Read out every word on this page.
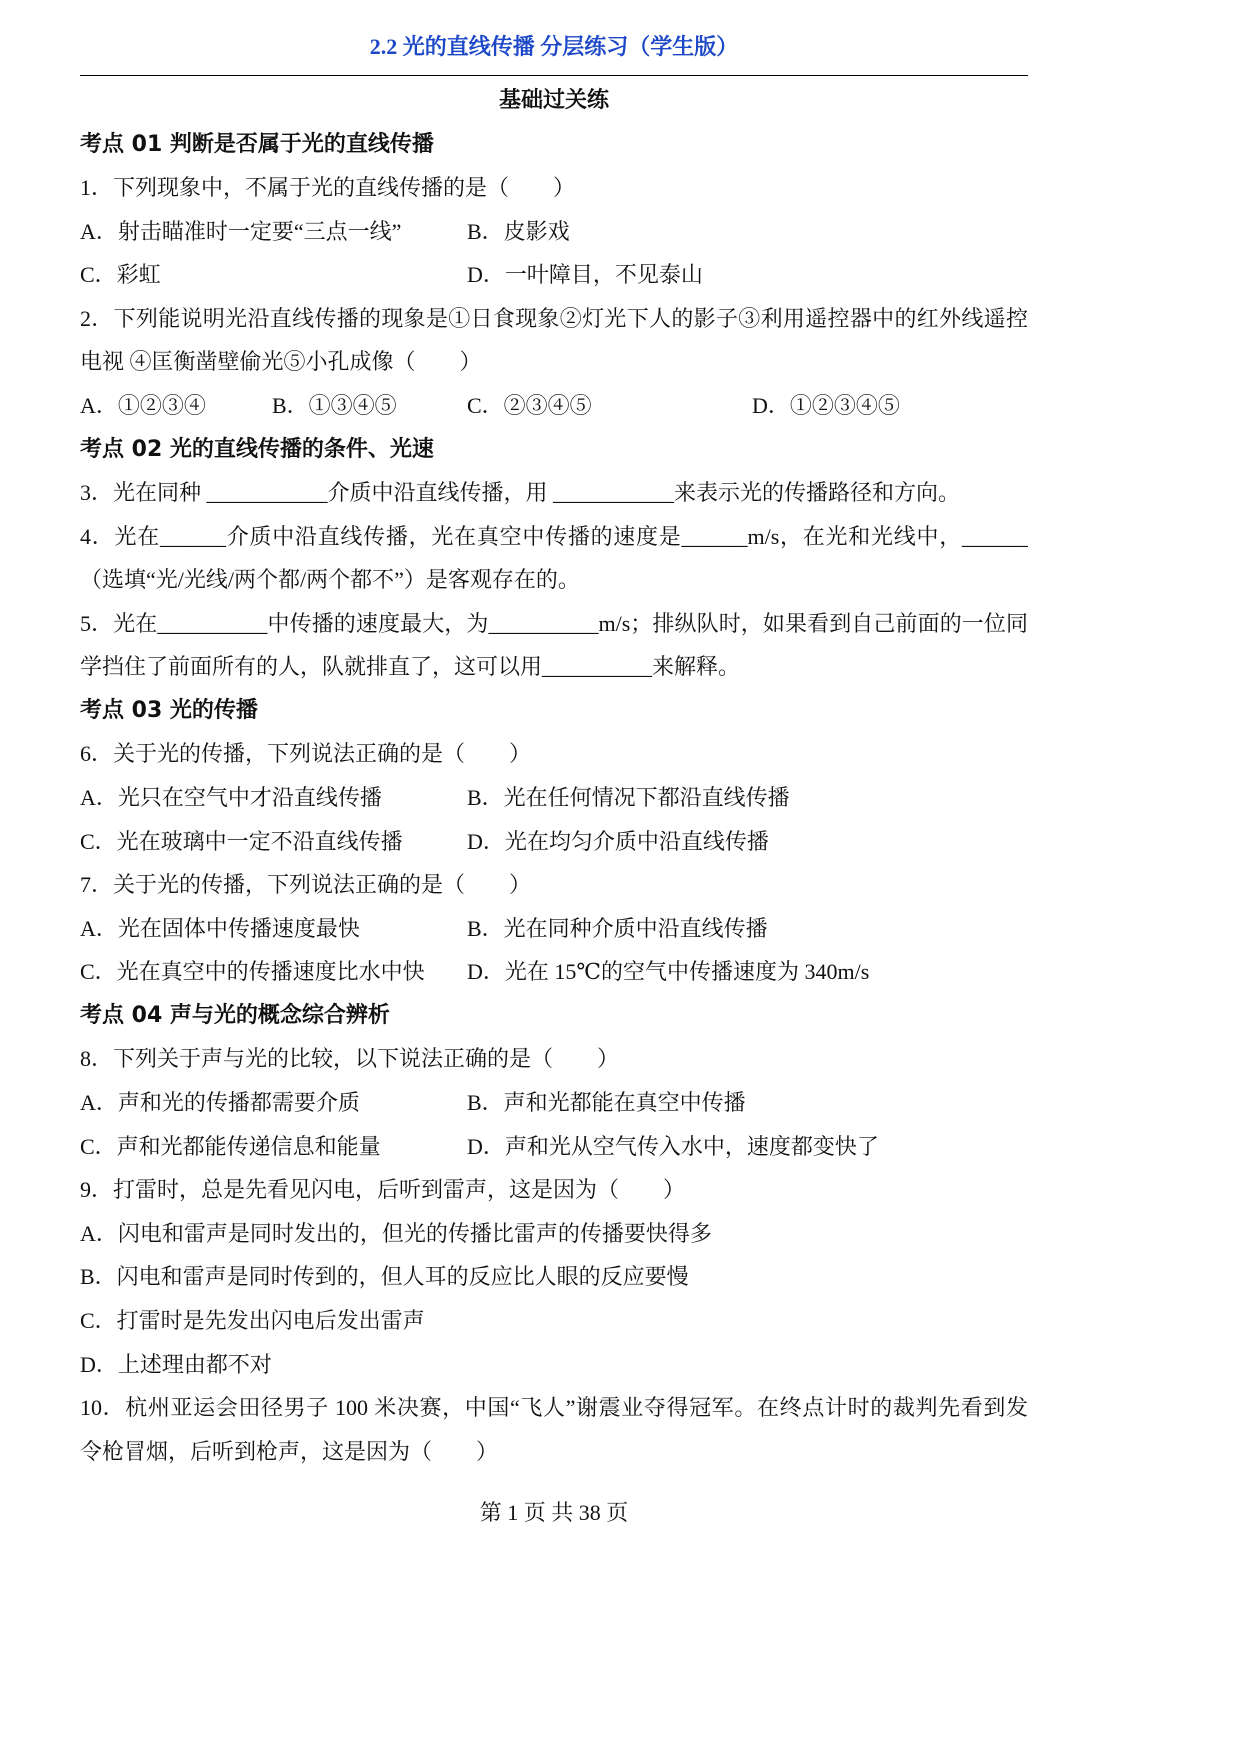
2.2 光的直线传播 分层练习（学生版）
基础过关练
考点 01 判断是否属于光的直线传播
1．下列现象中，不属于光的直线传播的是（　　）
A．射击瞄准时一定要“三点一线”	B．皮影戏
C．彩虹	D．一叶障目，不见泰山
2．下列能说明光沿直线传播的现象是①日食现象②灯光下人的影子③利用遥控器中的红外线遥控
电视 ④匡衡凿壁偷光⑤小孔成像（　　）
A．①②③④	B．①③④⑤	C．②③④⑤	D．①②③④⑤
考点 02 光的直线传播的条件、光速
3．光在同种 ___________介质中沿直线传播，用 ___________来表示光的传播路径和方向。
4．光在______介质中沿直线传播，光在真空中传播的速度是______m/s，在光和光线中，______
（选填“光/光线/两个都/两个都不”）是客观存在的。
5．光在__________中传播的速度最大，为__________m/s；排纵队时，如果看到自己前面的一位同
学挡住了前面所有的人，队就排直了，这可以用__________来解释。
考点 03 光的传播
6．关于光的传播，下列说法正确的是（　　）
A．光只在空气中才沿直线传播	B．光在任何情况下都沿直线传播
C．光在玻璃中一定不沿直线传播	D．光在均匀介质中沿直线传播
7．关于光的传播，下列说法正确的是（　　）
A．光在固体中传播速度最快	B．光在同种介质中沿直线传播
C．光在真空中的传播速度比水中快	D．光在 15℃的空气中传播速度为 340m/s
考点 04 声与光的概念综合辨析
8．下列关于声与光的比较，以下说法正确的是（　　）
A．声和光的传播都需要介质	B．声和光都能在真空中传播
C．声和光都能传递信息和能量	D．声和光从空气传入水中，速度都变快了
9．打雷时，总是先看见闪电，后听到雷声，这是因为（　　）
A．闪电和雷声是同时发出的，但光的传播比雷声的传播要快得多
B．闪电和雷声是同时传到的，但人耳的反应比人眼的反应要慢
C．打雷时是先发出闪电后发出雷声
D．上述理由都不对
10．杭州亚运会田径男子 100 米决赛，中国“飞人”谢震业夺得冠军。在终点计时的裁判先看到发
令枪冒烟，后听到枪声，这是因为（　　）
第 1 页 共 38 页
